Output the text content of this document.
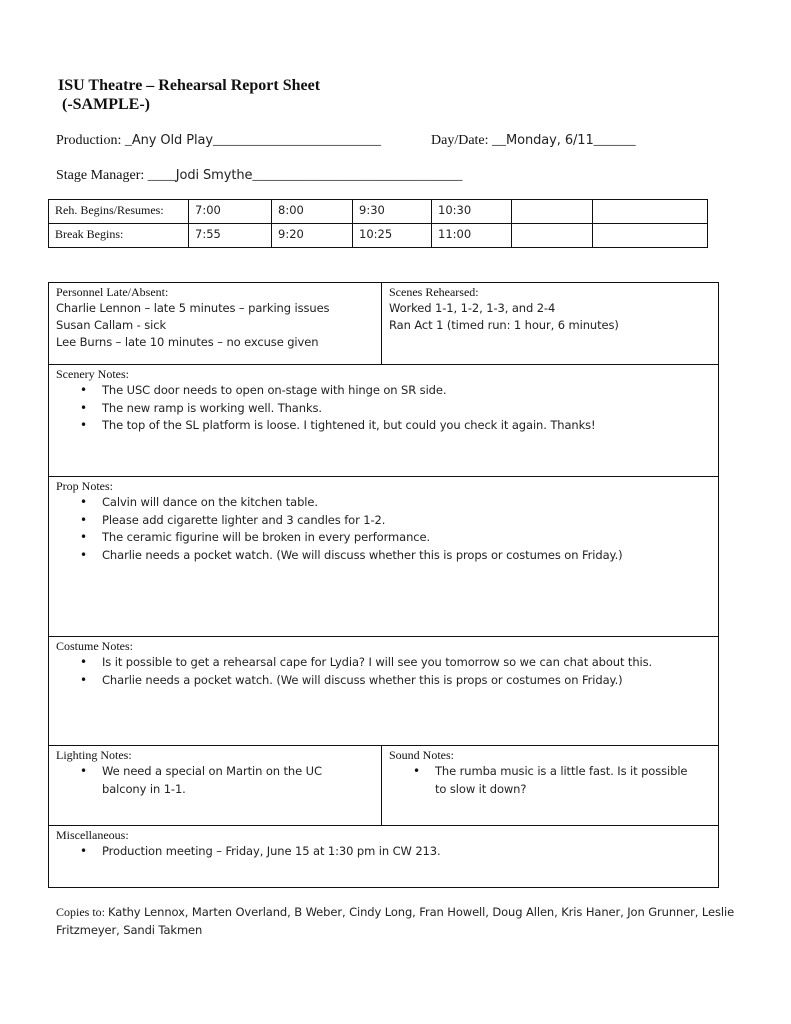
ISU Theatre – Rehearsal Report Sheet
(-SAMPLE-)
Production: _Any Old Play________________________	Day/Date: __Monday, 6/11______
Stage Manager: ____Jodi Smythe______________________________
Reh. Begins/Resumes:	7:00	8:00	9:30	10:30		
Break Begins:	7:55	9:20	10:25	11:00		
Personnel Late/Absent:
Charlie Lennon – late 5 minutes – parking issues
Susan Callam - sick
Lee Burns – late 10 minutes – no excuse given
Scenes Rehearsed:
Worked 1-1, 1-2, 1-3, and 2-4
Ran Act 1 (timed run: 1 hour, 6 minutes)
Scenery Notes:
• The USC door needs to open on-stage with hinge on SR side.
• The new ramp is working well. Thanks.
• The top of the SL platform is loose. I tightened it, but could you check it again. Thanks!
Prop Notes:
• Calvin will dance on the kitchen table.
• Please add cigarette lighter and 3 candles for 1-2.
• The ceramic figurine will be broken in every performance.
• Charlie needs a pocket watch. (We will discuss whether this is props or costumes on Friday.)
Costume Notes:
• Is it possible to get a rehearsal cape for Lydia? I will see you tomorrow so we can chat about this.
• Charlie needs a pocket watch. (We will discuss whether this is props or costumes on Friday.)
Lighting Notes:
• We need a special on Martin on the UC balcony in 1-1.
Sound Notes:
• The rumba music is a little fast. Is it possible to slow it down?
Miscellaneous:
• Production meeting – Friday, June 15 at 1:30 pm in CW 213.
Copies to: Kathy Lennox, Marten Overland, B Weber, Cindy Long, Fran Howell, Doug Allen, Kris Haner, Jon Grunner, Leslie Fritzmeyer, Sandi Takmen
